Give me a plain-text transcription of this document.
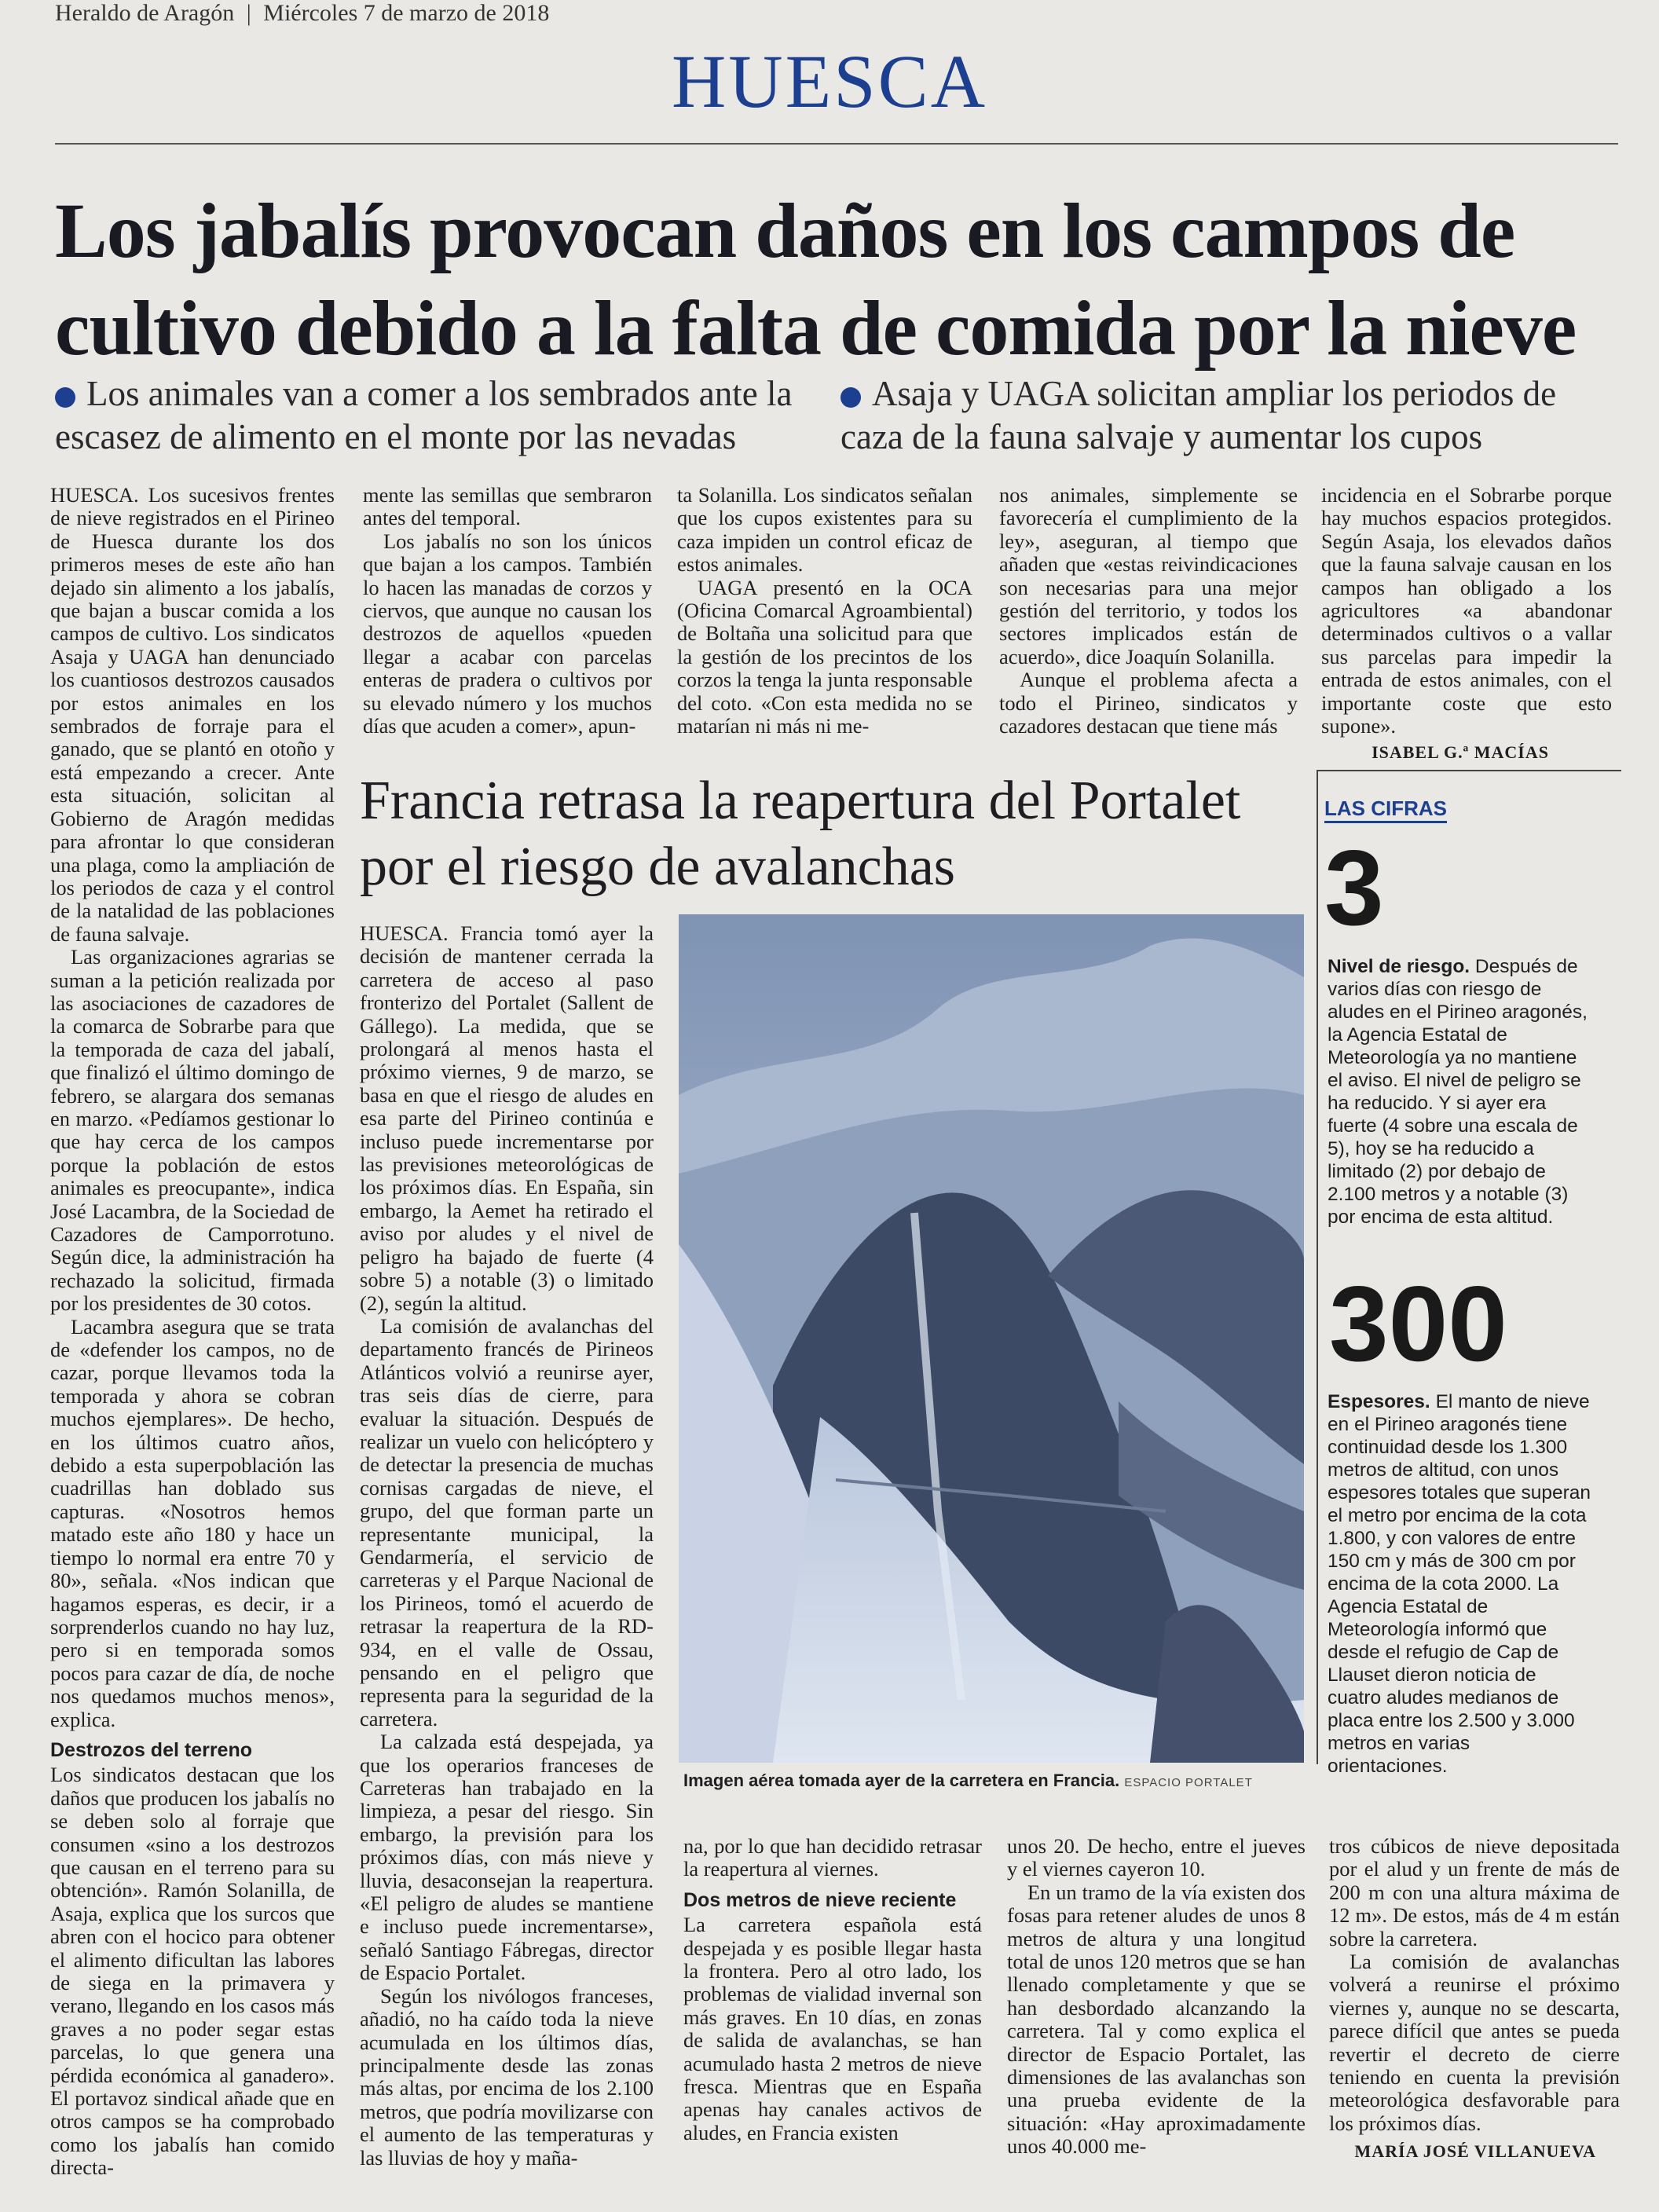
Heraldo de Aragón | Miércoles 7 de marzo de 2018
HUESCA
Los jabalís provocan daños en los campos de cultivo debido a la falta de comida por la nieve
Los animales van a comer a los sembrados ante la escasez de alimento en el monte por las nevadas
Asaja y UAGA solicitan ampliar los periodos de caza de la fauna salvaje y aumentar los cupos

HUESCA. Los sucesivos frentes de nieve registrados en el Pirineo de Huesca durante los dos primeros meses de este año han dejado sin alimento a los jabalís, que bajan a buscar comida a los campos de cultivo. Los sindicatos Asaja y UAGA han denunciado los cuantiosos destrozos causados por estos animales en los sembrados de forraje para el ganado, que se plantó en otoño y está empezando a crecer. Ante esta situación, solicitan al Gobierno de Aragón medidas para afrontar lo que consideran una plaga, como la ampliación de los periodos de caza y el control de la natalidad de las poblaciones de fauna salvaje.

Las organizaciones agrarias se suman a la petición realizada por las asociaciones de cazadores de la comarca de Sobrarbe para que la temporada de caza del jabalí, que finalizó el último domingo de febrero, se alargara dos semanas en marzo. «Pedíamos gestionar lo que hay cerca de los campos porque la población de estos animales es preocupante», indica José Lacambra, de la Sociedad de Cazadores de Camporrotuno. Según dice, la administración ha rechazado la solicitud, firmada por los presidentes de 30 cotos.

Lacambra asegura que se trata de «defender los campos, no de cazar, porque llevamos toda la temporada y ahora se cobran muchos ejemplares». De hecho, en los últimos cuatro años, debido a esta superpoblación las cuadrillas han doblado sus capturas. «Nosotros hemos matado este año 180 y hace un tiempo lo normal era entre 70 y 80», señala. «Nos indican que hagamos esperas, es decir, ir a sorprenderlos cuando no hay luz, pero si en temporada somos pocos para cazar de día, de noche nos quedamos muchos menos», explica.

Destrozos del terreno

Los sindicatos destacan que los daños que producen los jabalís no se deben solo al forraje que consumen «sino a los destrozos que causan en el terreno para su obtención». Ramón Solanilla, de Asaja, explica que los surcos que abren con el hocico para obtener el alimento dificultan las labores de siega en la primavera y verano, llegando en los casos más graves a no poder segar estas parcelas, lo que genera una pérdida económica al ganadero». El portavoz sindical añade que en otros campos se ha comprobado como los jabalís han comido directa-

mente las semillas que sembraron antes del temporal.

Los jabalís no son los únicos que bajan a los campos. También lo hacen las manadas de corzos y ciervos, que aunque no causan los destrozos de aquellos «pueden llegar a acabar con parcelas enteras de pradera o cultivos por su elevado número y los muchos días que acuden a comer», apun-

ta Solanilla. Los sindicatos señalan que los cupos existentes para su caza impiden un control eficaz de estos animales.

UAGA presentó en la OCA (Oficina Comarcal Agroambiental) de Boltaña una solicitud para que la gestión de los precintos de los corzos la tenga la junta responsable del coto. «Con esta medida no se matarían ni más ni me-

nos animales, simplemente se favorecería el cumplimiento de la ley», aseguran, al tiempo que añaden que «estas reivindicaciones son necesarias para una mejor gestión del territorio, y todos los sectores implicados están de acuerdo», dice Joaquín Solanilla.

Aunque el problema afecta a todo el Pirineo, sindicatos y cazadores destacan que tiene más

incidencia en el Sobrarbe porque hay muchos espacios protegidos. Según Asaja, los elevados daños que la fauna salvaje causan en los campos han obligado a los agricultores «a abandonar determinados cultivos o a vallar sus parcelas para impedir la entrada de estos animales, con el importante coste que esto supone».

ISABEL G.ª MACÍAS
Francia retrasa la reapertura del Portalet por el riesgo de avalanchas

HUESCA. Francia tomó ayer la decisión de mantener cerrada la carretera de acceso al paso fronterizo del Portalet (Sallent de Gállego). La medida, que se prolongará al menos hasta el próximo viernes, 9 de marzo, se basa en que el riesgo de aludes en esa parte del Pirineo continúa e incluso puede incrementarse por las previsiones meteorológicas de los próximos días. En España, sin embargo, la Aemet ha retirado el aviso por aludes y el nivel de peligro ha bajado de fuerte (4 sobre 5) a notable (3) o limitado (2), según la altitud.

La comisión de avalanchas del departamento francés de Pirineos Atlánticos volvió a reunirse ayer, tras seis días de cierre, para evaluar la situación. Después de realizar un vuelo con helicóptero y de detectar la presencia de muchas cornisas cargadas de nieve, el grupo, del que forman parte un representante municipal, la Gendarmería, el servicio de carreteras y el Parque Nacional de los Pirineos, tomó el acuerdo de retrasar la reapertura de la RD-934, en el valle de Ossau, pensando en el peligro que representa para la seguridad de la carretera.

La calzada está despejada, ya que los operarios franceses de Carreteras han trabajado en la limpieza, a pesar del riesgo. Sin embargo, la previsión para los próximos días, con más nieve y lluvia, desaconsejan la reapertura. «El peligro de aludes se mantiene e incluso puede incrementarse», señaló Santiago Fábregas, director de Espacio Portalet.

Según los nivólogos franceses, añadió, no ha caído toda la nieve acumulada en los últimos días, principalmente desde las zonas más altas, por encima de los 2.100 metros, que podría movilizarse con el aumento de las temperaturas y las lluvias de hoy y maña-

Imagen aérea tomada ayer de la carretera en Francia. ESPACIO PORTALET

na, por lo que han decidido retrasar la reapertura al viernes.

Dos metros de nieve reciente

La carretera española está despejada y es posible llegar hasta la frontera. Pero al otro lado, los problemas de vialidad invernal son más graves. En 10 días, en zonas de salida de avalanchas, se han acumulado hasta 2 metros de nieve fresca. Mientras que en España apenas hay canales activos de aludes, en Francia existen

unos 20. De hecho, entre el jueves y el viernes cayeron 10.

En un tramo de la vía existen dos fosas para retener aludes de unos 8 metros de altura y una longitud total de unos 120 metros que se han llenado completamente y que se han desbordado alcanzando la carretera. Tal y como explica el director de Espacio Portalet, las dimensiones de las avalanchas son una prueba evidente de la situación: «Hay aproximadamente unos 40.000 me-

tros cúbicos de nieve depositada por el alud y un frente de más de 200 m con una altura máxima de 12 m». De estos, más de 4 m están sobre la carretera.

La comisión de avalanchas volverá a reunirse el próximo viernes y, aunque no se descarta, parece difícil que antes se pueda revertir el decreto de cierre teniendo en cuenta la previsión meteorológica desfavorable para los próximos días.

MARÍA JOSÉ VILLANUEVA
LAS CIFRAS
3
Nivel de riesgo. Después de varios días con riesgo de aludes en el Pirineo aragonés, la Agencia Estatal de Meteorología ya no mantiene el aviso. El nivel de peligro se ha reducido. Y si ayer era fuerte (4 sobre una escala de 5), hoy se ha reducido a limitado (2) por debajo de 2.100 metros y a notable (3) por encima de esta altitud.
300
Espesores. El manto de nieve en el Pirineo aragonés tiene continuidad desde los 1.300 metros de altitud, con unos espesores totales que superan el metro por encima de la cota 1.800, y con valores de entre 150 cm y más de 300 cm por encima de la cota 2000. La Agencia Estatal de Meteorología informó que desde el refugio de Cap de Llauset dieron noticia de cuatro aludes medianos de placa entre los 2.500 y 3.000 metros en varias orientaciones.
